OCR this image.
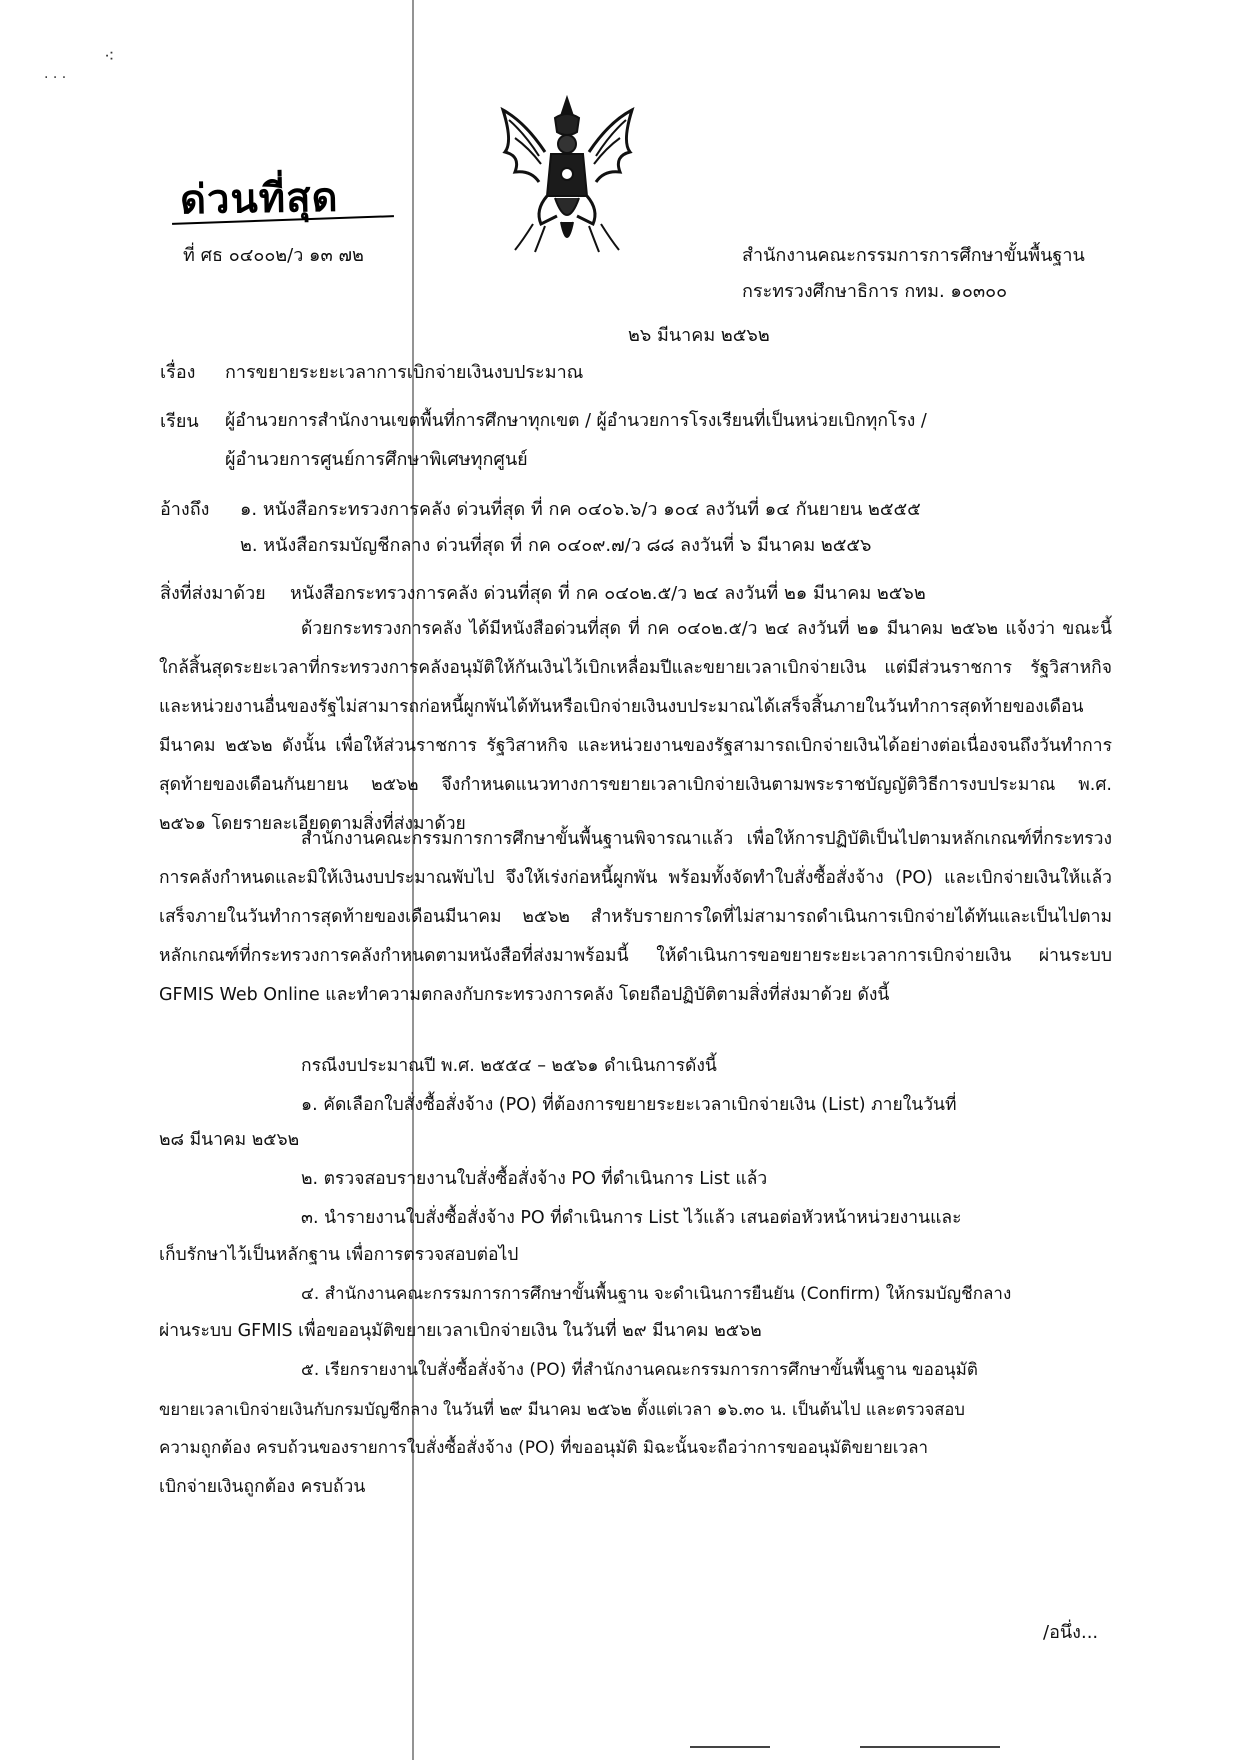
· · ·
⁖
ด่วนที่สุด
ที่ ศธ ๐๔๐๐๒/ว ๑๓ ๗๒	สำนักงานคณะกรรมการการศึกษาขั้นพื้นฐาน
กระทรวงศึกษาธิการ กทม. ๑๐๓๐๐
๒๖ มีนาคม ๒๕๖๒
เรื่อง การขยายระยะเวลาการเบิกจ่ายเงินงบประมาณ
เรียน ผู้อำนวยการสำนักงานเขตพื้นที่การศึกษาทุกเขต / ผู้อำนวยการโรงเรียนที่เป็นหน่วยเบิกทุกโรง /
ผู้อำนวยการศูนย์การศึกษาพิเศษทุกศูนย์
อ้างถึง ๑. หนังสือกระทรวงการคลัง ด่วนที่สุด ที่ กค ๐๔๐๖.๖/ว ๑๐๔ ลงวันที่ ๑๔ กันยายน ๒๕๕๕
๒. หนังสือกรมบัญชีกลาง ด่วนที่สุด ที่ กค ๐๔๐๙.๗/ว ๘๘ ลงวันที่ ๖ มีนาคม ๒๕๕๖
สิ่งที่ส่งมาด้วย หนังสือกระทรวงการคลัง ด่วนที่สุด ที่ กค ๐๔๐๒.๕/ว ๒๔ ลงวันที่ ๒๑ มีนาคม ๒๕๖๒
ด้วยกระทรวงการคลัง ได้มีหนังสือด่วนที่สุด ที่ กค ๐๔๐๒.๕/ว ๒๔ ลงวันที่ ๒๑ มีนาคม ๒๕๖๒ แจ้งว่า ขณะนี้ใกล้สิ้นสุดระยะเวลาที่กระทรวงการคลังอนุมัติให้กันเงินไว้เบิกเหลื่อมปีและขยายเวลาเบิกจ่ายเงิน แต่มีส่วนราชการ รัฐวิสาหกิจ และหน่วยงานอื่นของรัฐไม่สามารถก่อหนี้ผูกพันได้ทันหรือเบิกจ่ายเงินงบประมาณได้เสร็จสิ้นภายในวันทำการสุดท้ายของเดือน มีนาคม ๒๕๖๒ ดังนั้น เพื่อให้ส่วนราชการ รัฐวิสาหกิจ และหน่วยงานของรัฐสามารถเบิกจ่ายเงินได้อย่างต่อเนื่องจนถึงวันทำการสุดท้ายของเดือนกันยายน ๒๕๖๒ จึงกำหนดแนวทางการขยายเวลาเบิกจ่ายเงินตามพระราชบัญญัติวิธีการงบประมาณ พ.ศ. ๒๕๖๑ โดยรายละเอียดตามสิ่งที่ส่งมาด้วย
สำนักงานคณะกรรมการการศึกษาขั้นพื้นฐานพิจารณาแล้ว เพื่อให้การปฏิบัติเป็นไปตามหลักเกณฑ์ที่กระทรวงการคลังกำหนดและมิให้เงินงบประมาณพับไป จึงให้เร่งก่อหนี้ผูกพัน พร้อมทั้งจัดทำใบสั่งซื้อสั่งจ้าง (PO) และเบิกจ่ายเงินให้แล้วเสร็จภายในวันทำการสุดท้ายของเดือนมีนาคม ๒๕๖๒ สำหรับรายการใดที่ไม่สามารถดำเนินการเบิกจ่ายได้ทันและเป็นไปตามหลักเกณฑ์ที่กระทรวงการคลังกำหนดตามหนังสือที่ส่งมาพร้อมนี้ ให้ดำเนินการขอขยายระยะเวลาการเบิกจ่ายเงิน ผ่านระบบ GFMIS Web Online และทำความตกลงกับกระทรวงการคลัง โดยถือปฏิบัติตามสิ่งที่ส่งมาด้วย ดังนี้
กรณีงบประมาณปี พ.ศ. ๒๕๕๔ – ๒๕๖๑ ดำเนินการดังนี้
๑. คัดเลือกใบสั่งซื้อสั่งจ้าง (PO) ที่ต้องการขยายระยะเวลาเบิกจ่ายเงิน (List) ภายในวันที่
๒๘ มีนาคม ๒๕๖๒
๒. ตรวจสอบรายงานใบสั่งซื้อสั่งจ้าง PO ที่ดำเนินการ List แล้ว
๓. นำรายงานใบสั่งซื้อสั่งจ้าง PO ที่ดำเนินการ List ไว้แล้ว เสนอต่อหัวหน้าหน่วยงานและ
เก็บรักษาไว้เป็นหลักฐาน เพื่อการตรวจสอบต่อไป
๔. สำนักงานคณะกรรมการการศึกษาขั้นพื้นฐาน จะดำเนินการยืนยัน (Confirm) ให้กรมบัญชีกลาง
ผ่านระบบ GFMIS เพื่อขออนุมัติขยายเวลาเบิกจ่ายเงิน ในวันที่ ๒๙ มีนาคม ๒๕๖๒
๕. เรียกรายงานใบสั่งซื้อสั่งจ้าง (PO) ที่สำนักงานคณะกรรมการการศึกษาขั้นพื้นฐาน ขออนุมัติ
ขยายเวลาเบิกจ่ายเงินกับกรมบัญชีกลาง ในวันที่ ๒๙ มีนาคม ๒๕๖๒ ตั้งแต่เวลา ๑๖.๓๐ น. เป็นต้นไป และตรวจสอบ
ความถูกต้อง ครบถ้วนของรายการใบสั่งซื้อสั่งจ้าง (PO) ที่ขออนุมัติ มิฉะนั้นจะถือว่าการขออนุมัติขยายเวลา
เบิกจ่ายเงินถูกต้อง ครบถ้วน
/อนึ่ง...
